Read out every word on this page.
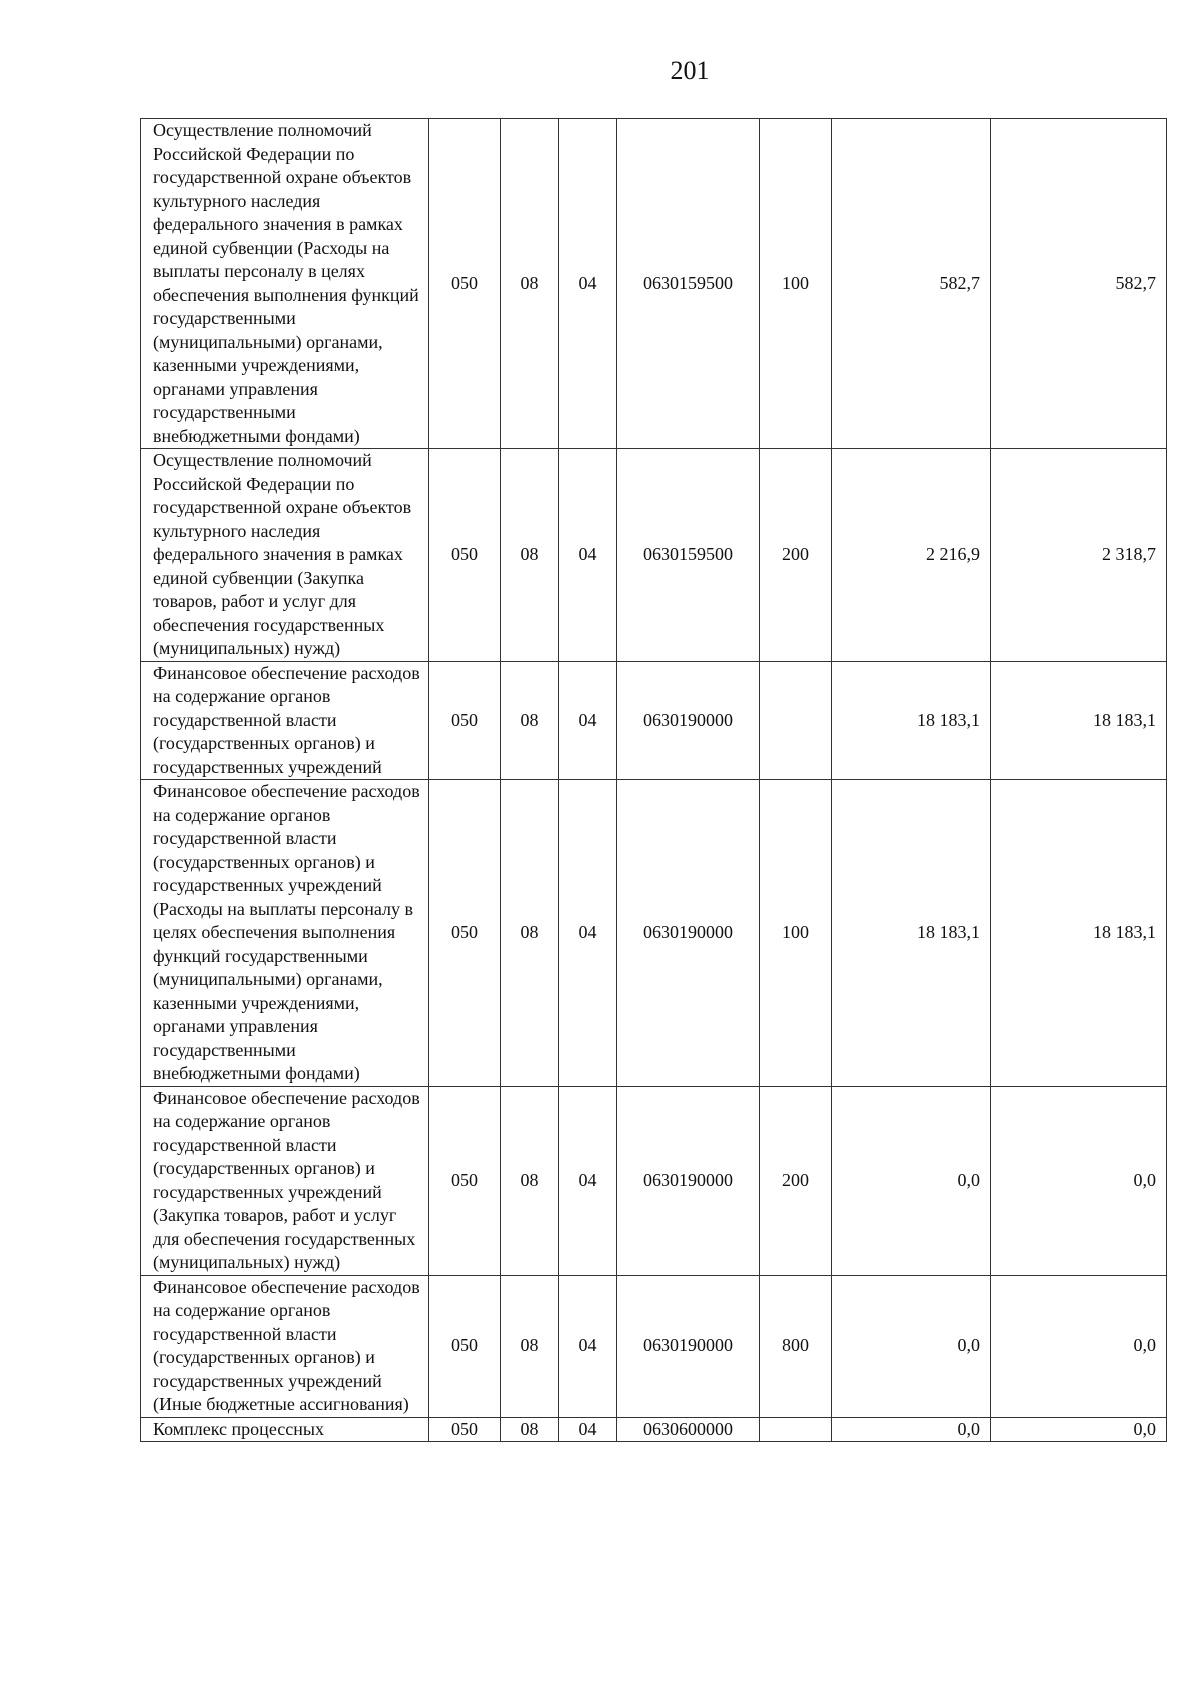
201
Осуществление полномочий Российской Федерации по государственной охране объектов культурного наследия федерального значения в рамках единой субвенции (Расходы на выплаты персоналу в целях обеспечения выполнения функций государственными (муниципальными) органами, казенными учреждениями, органами управления государственными внебюджетными фондами)	050	08	04	0630159500	100	582,7	582,7
Осуществление полномочий Российской Федерации по государственной охране объектов культурного наследия федерального значения в рамках единой субвенции (Закупка товаров, работ и услуг для обеспечения государственных (муниципальных) нужд)	050	08	04	0630159500	200	2 216,9	2 318,7
Финансовое обеспечение расходов на содержание органов государственной власти (государственных органов) и государственных учреждений	050	08	04	0630190000		18 183,1	18 183,1
Финансовое обеспечение расходов на содержание органов государственной власти (государственных органов) и государственных учреждений (Расходы на выплаты персоналу в целях обеспечения выполнения функций государственными (муниципальными) органами, казенными учреждениями, органами управления государственными внебюджетными фондами)	050	08	04	0630190000	100	18 183,1	18 183,1
Финансовое обеспечение расходов на содержание органов государственной власти (государственных органов) и государственных учреждений (Закупка товаров, работ и услуг для обеспечения государственных (муниципальных) нужд)	050	08	04	0630190000	200	0,0	0,0
Финансовое обеспечение расходов на содержание органов государственной власти (государственных органов) и государственных учреждений (Иные бюджетные ассигнования)	050	08	04	0630190000	800	0,0	0,0
Комплекс процессных	050	08	04	0630600000		0,0	0,0
